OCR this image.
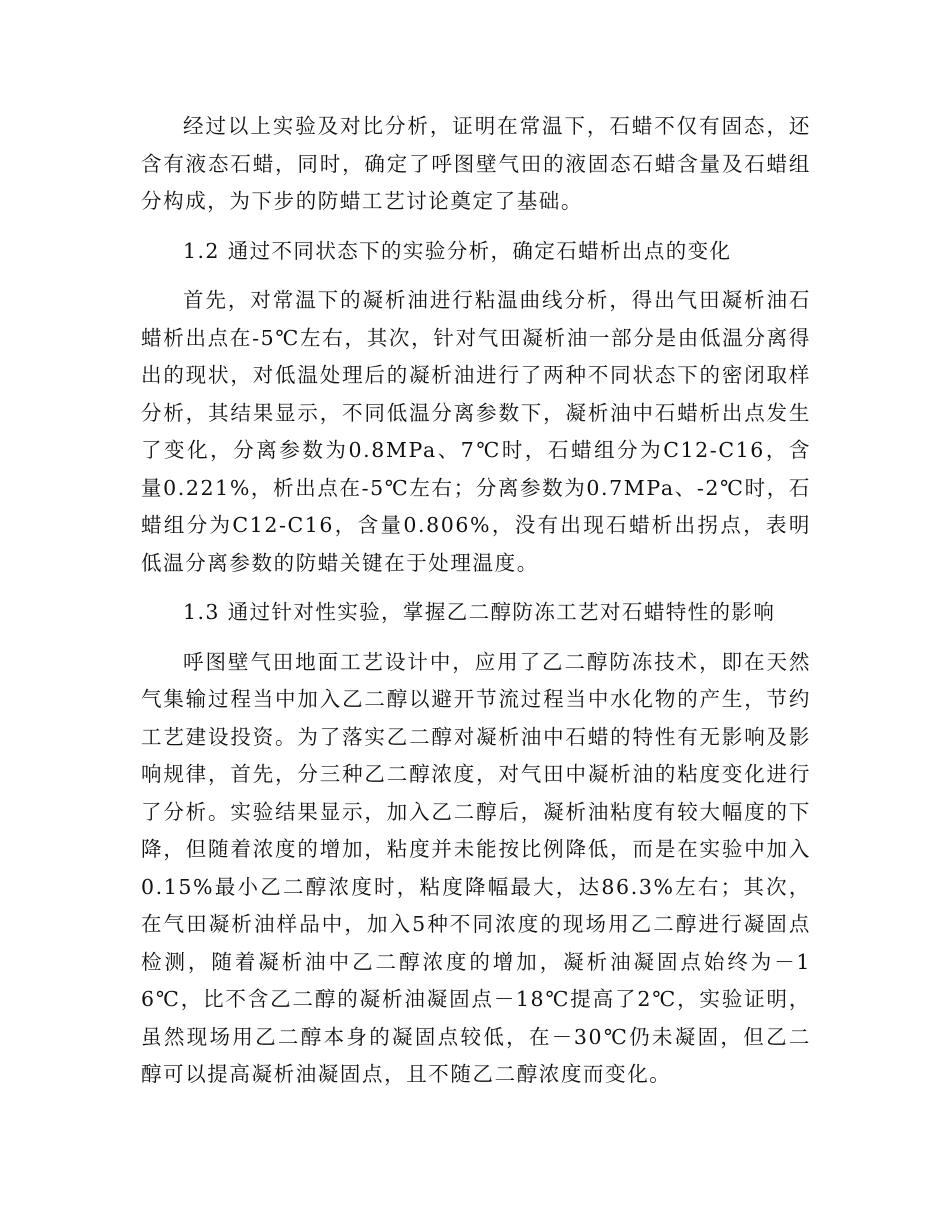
经过以上实验及对比分析，证明在常温下，石蜡不仅有固态，还含有液态石蜡，同时，确定了呼图壁气田的液固态石蜡含量及石蜡组分构成，为下步的防蜡工艺讨论奠定了基础。

1.2 通过不同状态下的实验分析，确定石蜡析出点的变化

首先，对常温下的凝析油进行粘温曲线分析，得出气田凝析油石蜡析出点在-5℃左右，其次，针对气田凝析油一部分是由低温分离得出的现状，对低温处理后的凝析油进行了两种不同状态下的密闭取样分析，其结果显示，不同低温分离参数下，凝析油中石蜡析出点发生了变化，分离参数为0.8MPa、7℃时，石蜡组分为C12-C16，含量0.221%，析出点在-5℃左右；分离参数为0.7MPa、-2℃时，石蜡组分为C12-C16，含量0.806%，没有出现石蜡析出拐点，表明低温分离参数的防蜡关键在于处理温度。

1.3 通过针对性实验，掌握乙二醇防冻工艺对石蜡特性的影响

呼图壁气田地面工艺设计中，应用了乙二醇防冻技术，即在天然气集输过程当中加入乙二醇以避开节流过程当中水化物的产生，节约工艺建设投资。为了落实乙二醇对凝析油中石蜡的特性有无影响及影响规律，首先，分三种乙二醇浓度，对气田中凝析油的粘度变化进行了分析。实验结果显示，加入乙二醇后，凝析油粘度有较大幅度的下降，但随着浓度的增加，粘度并未能按比例降低，而是在实验中加入0.15%最小乙二醇浓度时，粘度降幅最大，达86.3%左右；其次，在气田凝析油样品中，加入5种不同浓度的现场用乙二醇进行凝固点检测，随着凝析油中乙二醇浓度的增加，凝析油凝固点始终为－16℃，比不含乙二醇的凝析油凝固点－18℃提高了2℃，实验证明，虽然现场用乙二醇本身的凝固点较低，在－30℃仍未凝固，但乙二醇可以提高凝析油凝固点，且不随乙二醇浓度而变化。
